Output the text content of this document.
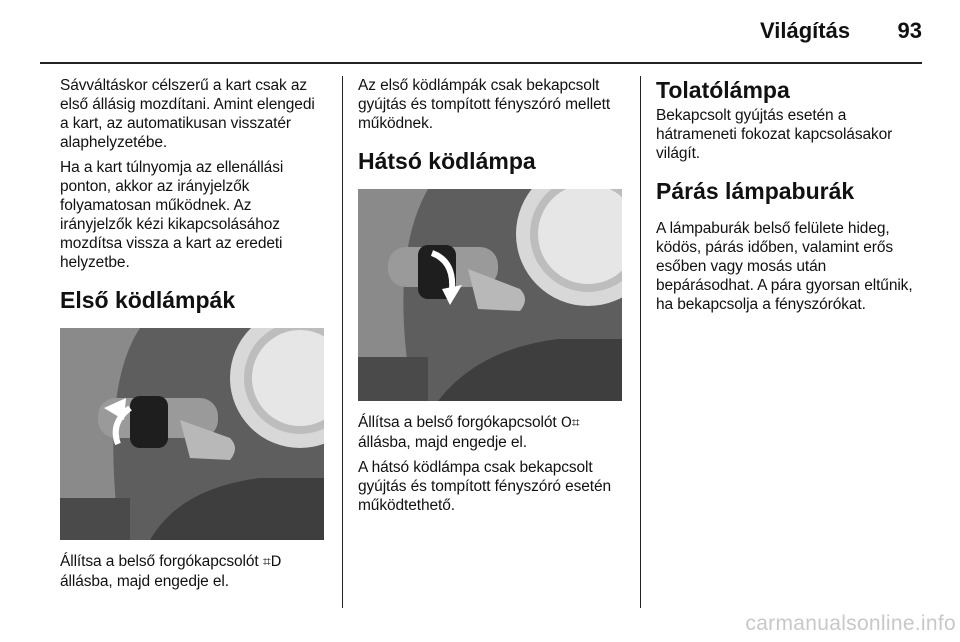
Világítás	93

Sávváltáskor célszerű a kart csak az első állásig mozdítani. Amint elengedi a kart, az automatikusan visszatér alaphelyzetébe.

Ha a kart túlnyomja az ellenállási ponton, akkor az irányjelzők folyamatosan működnek. Az irányjelzők kézi kikapcsolásához mozdítsa vissza a kart az eredeti helyzetbe.

Első ködlámpák

Állítsa a belső forgókapcsolót ⌗D állásba, majd engedje el.

Az első ködlámpák csak bekapcsolt gyújtás és tompított fényszóró mellett működnek.

Hátsó ködlámpa

Állítsa a belső forgókapcsolót O⌗ állásba, majd engedje el.

A hátsó ködlámpa csak bekapcsolt gyújtás és tompított fényszóró esetén működtethető.

Tolatólámpa

Bekapcsolt gyújtás esetén a hátrameneti fokozat kapcsolásakor világít.

Párás lámpaburák

A lámpaburák belső felülete hideg, ködös, párás időben, valamint erős esőben vagy mosás után bepárásodhat. A pára gyorsan eltűnik, ha bekapcsolja a fényszórókat.

carmanualsonline.info
